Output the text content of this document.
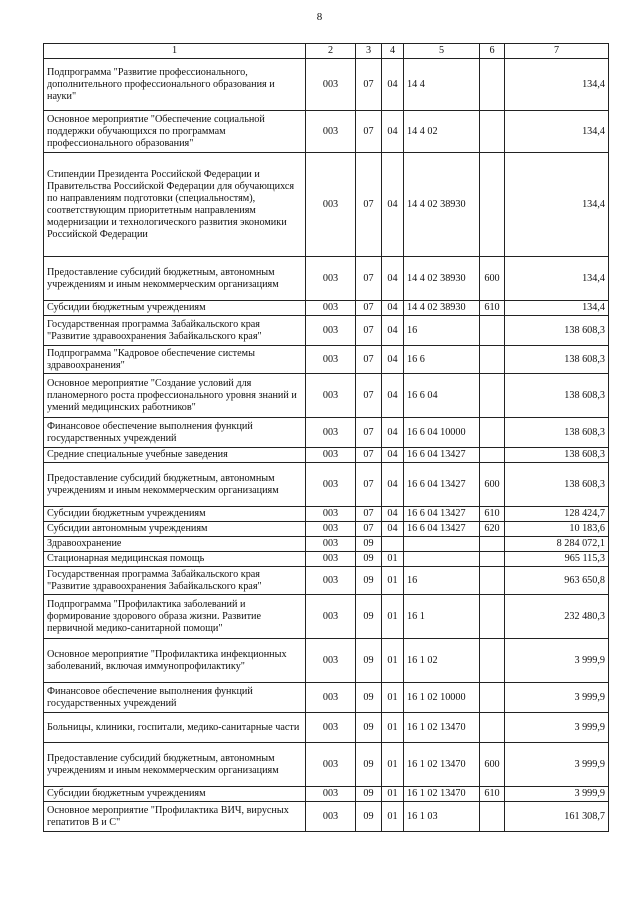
8
1	2	3	4	5	6	7
Подпрограмма "Развитие профессионального, дополнительного профессионального образования и науки"	003	07	04	14 4		134,4
Основное мероприятие "Обеспечение социальной поддержки обучающихся по программам профессионального образования"	003	07	04	14 4 02		134,4
Стипендии Президента Российской Федерации и Правительства Российской Федерации для обучающихся по направлениям подготовки (специальностям), соответствующим приоритетным направлениям модернизации и технологического развития экономики Российской Федерации	003	07	04	14 4 02 38930		134,4
Предоставление субсидий бюджетным, автономным учреждениям и иным некоммерческим организациям	003	07	04	14 4 02 38930	600	134,4
Субсидии бюджетным учреждениям	003	07	04	14 4 02 38930	610	134,4
Государственная программа Забайкальского края "Развитие здравоохранения Забайкальского края"	003	07	04	16		138 608,3
Подпрограмма "Кадровое обеспечение системы здравоохранения"	003	07	04	16 6		138 608,3
Основное мероприятие "Создание условий для планомерного роста профессионального уровня знаний и умений медицинских работников"	003	07	04	16 6 04		138 608,3
Финансовое обеспечение выполнения функций государственных учреждений	003	07	04	16 6 04 10000		138 608,3
Средние специальные учебные заведения	003	07	04	16 6 04 13427		138 608,3
Предоставление субсидий бюджетным, автономным учреждениям и иным некоммерческим организациям	003	07	04	16 6 04 13427	600	138 608,3
Субсидии бюджетным учреждениям	003	07	04	16 6 04 13427	610	128 424,7
Субсидии автономным учреждениям	003	07	04	16 6 04 13427	620	10 183,6
Здравоохранение	003	09				8 284 072,1
Стационарная медицинская помощь	003	09	01			965 115,3
Государственная программа Забайкальского края "Развитие здравоохранения Забайкальского края"	003	09	01	16		963 650,8
Подпрограмма "Профилактика заболеваний и формирование здорового образа жизни. Развитие первичной медико-санитарной помощи"	003	09	01	16 1		232 480,3
Основное мероприятие "Профилактика инфекционных заболеваний, включая иммунопрофилактику"	003	09	01	16 1 02		3 999,9
Финансовое обеспечение выполнения функций государственных учреждений	003	09	01	16 1 02 10000		3 999,9
Больницы, клиники, госпитали, медико-санитарные части	003	09	01	16 1 02 13470		3 999,9
Предоставление субсидий бюджетным, автономным учреждениям и иным некоммерческим организациям	003	09	01	16 1 02 13470	600	3 999,9
Субсидии бюджетным учреждениям	003	09	01	16 1 02 13470	610	3 999,9
Основное мероприятие "Профилактика ВИЧ, вирусных гепатитов В и С"	003	09	01	16 1 03		161 308,7
